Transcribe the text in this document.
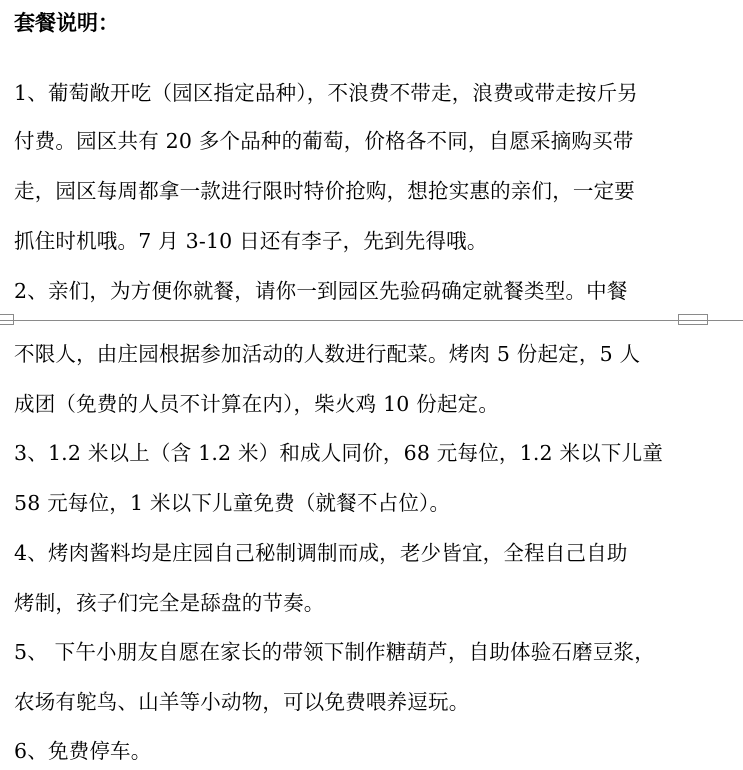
套餐说明：
1、葡萄敞开吃（园区指定品种），不浪费不带走，浪费或带走按斤另
付费。园区共有 20 多个品种的葡萄，价格各不同，自愿采摘购买带
走，园区每周都拿一款进行限时特价抢购，想抢实惠的亲们，一定要
抓住时机哦。7 月 3-10 日还有李子，先到先得哦。
2、亲们，为方便你就餐，请你一到园区先验码确定就餐类型。中餐
不限人，由庄园根据参加活动的人数进行配菜。烤肉 5 份起定，5 人
成团（免费的人员不计算在内），柴火鸡 10 份起定。
3、1.2 米以上（含 1.2 米）和成人同价，68 元每位，1.2 米以下儿童
58 元每位，1 米以下儿童免费（就餐不占位）。
4、烤肉酱料均是庄园自己秘制调制而成，老少皆宜，全程自己自助
烤制，孩子们完全是舔盘的节奏。
5、 下午小朋友自愿在家长的带领下制作糖葫芦，自助体验石磨豆浆，
农场有鸵鸟、山羊等小动物，可以免费喂养逗玩。
6、免费停车。
